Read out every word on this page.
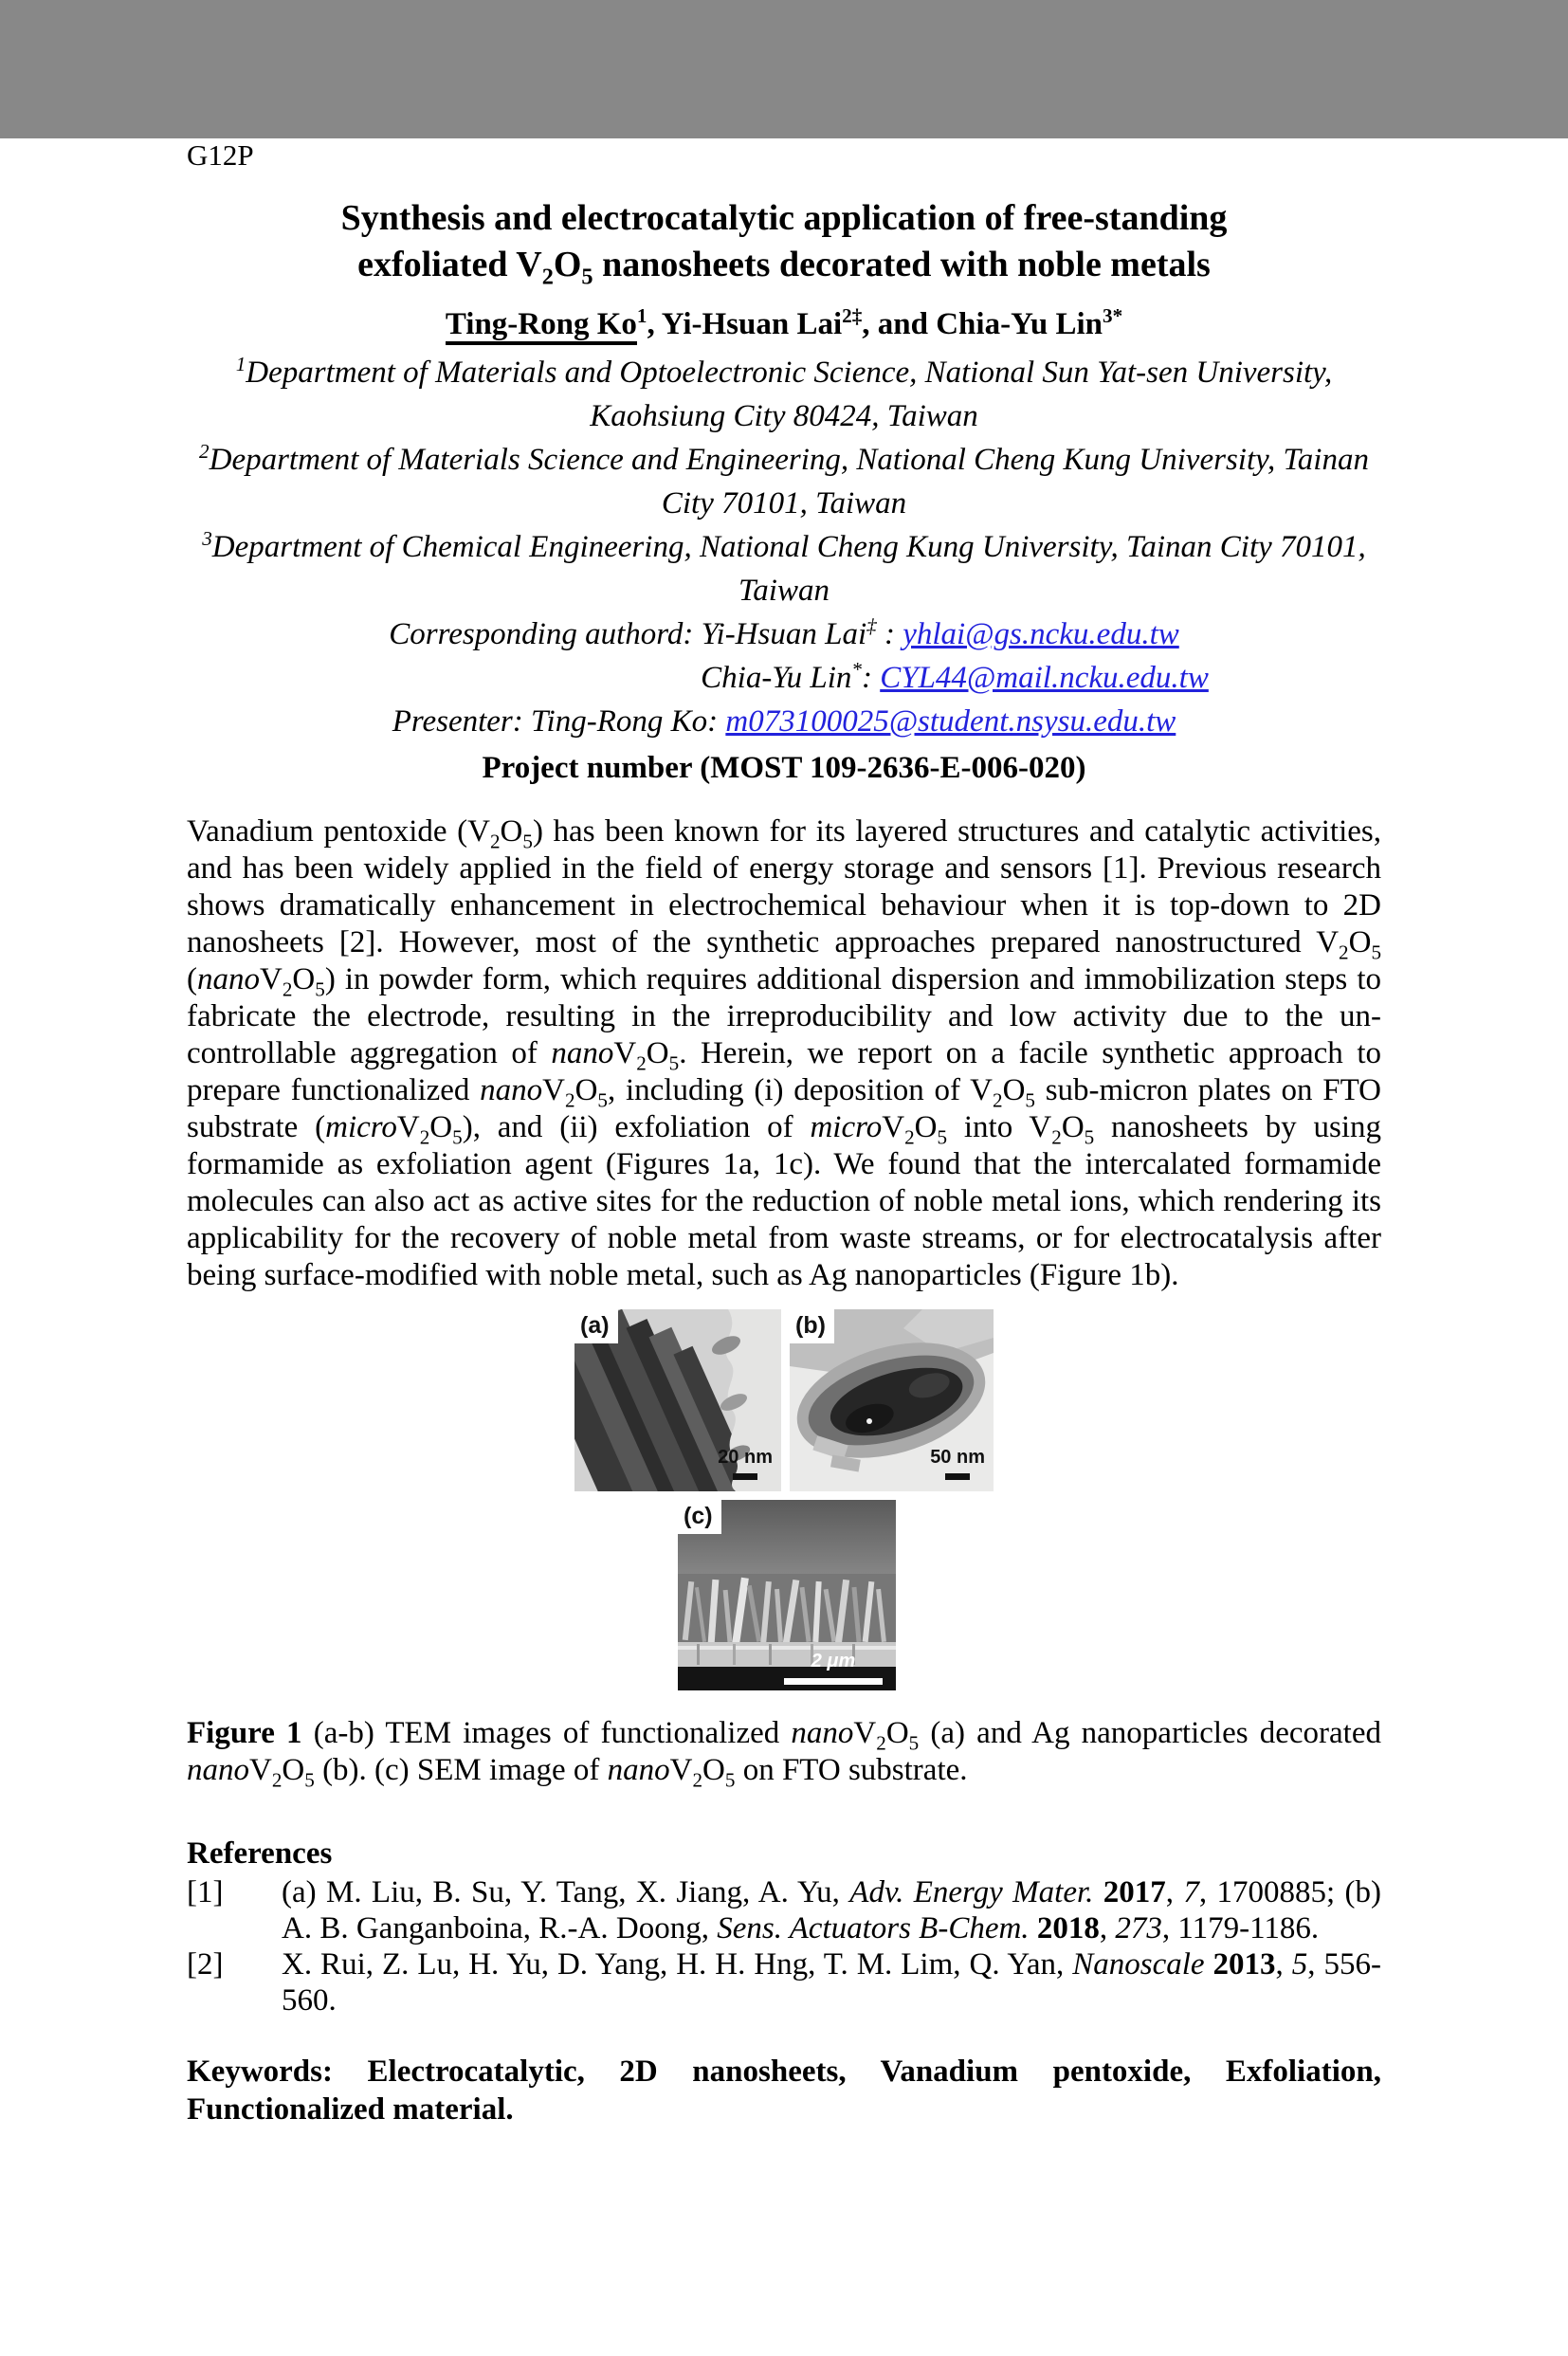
G12P
Synthesis and electrocatalytic application of free-standing
exfoliated $V_2O_5$ nanosheets decorated with noble metals
Ting-Rong Ko$^1$, Yi-Hsuan Lai$^{2\ddagger}$, and Chia-Yu Lin$^{3*}$
$^1$Department of Materials and Optoelectronic Science, National Sun Yat-sen University, Kaohsiung City 80424, Taiwan
$^2$Department of Materials Science and Engineering, National Cheng Kung University, Tainan City 70101, Taiwan
$^3$Department of Chemical Engineering, National Cheng Kung University, Tainan City 70101, Taiwan
Corresponding authord: Yi-Hsuan Lai‡ : yhlai@gs.ncku.edu.tw
Chia-Yu Lin*: CYL44@mail.ncku.edu.tw
Presenter: Ting-Rong Ko: m073100025@student.nsysu.edu.tw
Project number (MOST 109-2636-E-006-020)

Vanadium pentoxide $(V_2O_5)$ has been known for its layered structures and catalytic activities, and has been widely applied in the field of energy storage and sensors [1]. Previous research shows dramatically enhancement in electrochemical behaviour when it is top-down to 2D nanosheets [2]. However, most of the synthetic approaches prepared nanostructured $V_2O_5$ $(nanoV_2O_5)$ in powder form, which requires additional dispersion and immobilization steps to fabricate the electrode, resulting in the irreproducibility and low activity due to the un-controllable aggregation of $nanoV_2O_5$. Herein, we report on a facile synthetic approach to prepare functionalized $nanoV_2O_5$, including (i) deposition of $V_2O_5$ sub-micron plates on FTO substrate $(microV_2O_5)$, and (ii) exfoliation of $microV_2O_5$ into $V_2O_5$ nanosheets by using formamide as exfoliation agent (Figures 1a, 1c). We found that the intercalated formamide molecules can also act as active sites for the reduction of noble metal ions, which rendering its applicability for the recovery of noble metal from waste streams, or for electrocatalysis after being surface-modified with noble metal, such as Ag nanoparticles (Figure 1b).

(a)
20 nm
(b)
50 nm
(c)
2 μm

Figure 1 (a-b) TEM images of functionalized $nanoV_2O_5$ (a) and Ag nanoparticles decorated $nanoV_2O_5$ (b). (c) SEM image of $nanoV_2O_5$ on FTO substrate.

References
[1] (a) M. Liu, B. Su, Y. Tang, X. Jiang, A. Yu, Adv. Energy Mater. 2017, 7, 1700885; (b) A. B. Ganganboina, R.-A. Doong, Sens. Actuators B-Chem. 2018, 273, 1179-1186.
[2] X. Rui, Z. Lu, H. Yu, D. Yang, H. H. Hng, T. M. Lim, Q. Yan, Nanoscale 2013, 5, 556-560.
Keywords: Electrocatalytic, 2D nanosheets, Vanadium pentoxide, Exfoliation,
Functionalized material.
